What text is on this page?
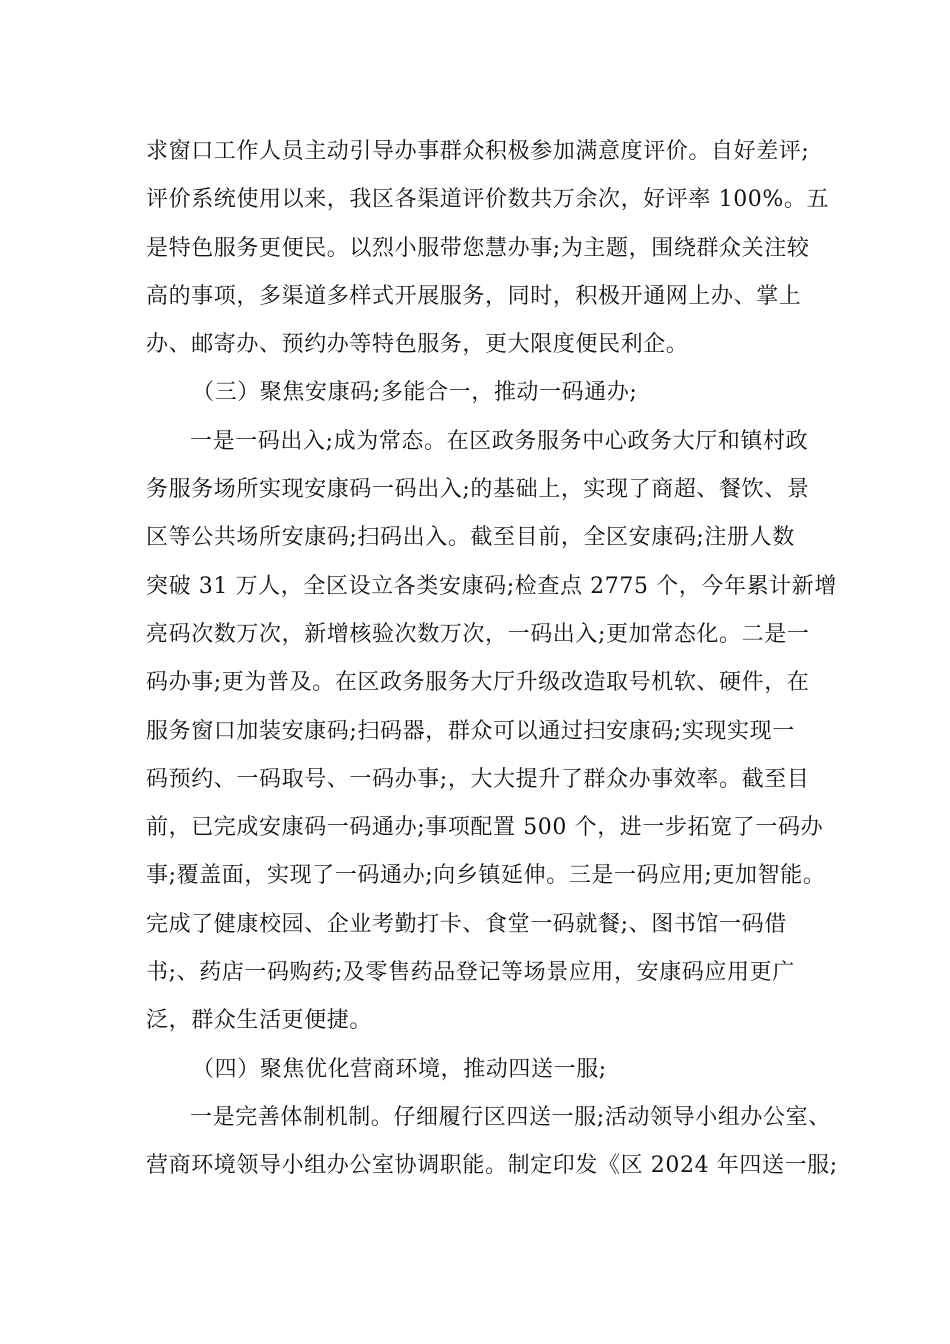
求窗口工作人员主动引导办事群众积极参加满意度评价。自好差评;
评价系统使用以来，我区各渠道评价数共万余次，好评率 100%。五
是特色服务更便民。以烈小服带您慧办事;为主题，围绕群众关注较
高的事项，多渠道多样式开展服务，同时，积极开通网上办、掌上
办、邮寄办、预约办等特色服务，更大限度便民利企。
（三）聚焦安康码;多能合一，推动一码通办;
一是一码出入;成为常态。在区政务服务中心政务大厅和镇村政
务服务场所实现安康码一码出入;的基础上，实现了商超、餐饮、景
区等公共场所安康码;扫码出入。截至目前，全区安康码;注册人数
突破 31 万人，全区设立各类安康码;检查点 2775 个，今年累计新增
亮码次数万次，新增核验次数万次，一码出入;更加常态化。二是一
码办事;更为普及。在区政务服务大厅升级改造取号机软、硬件，在
服务窗口加装安康码;扫码器，群众可以通过扫安康码;实现实现一
码预约、一码取号、一码办事;，大大提升了群众办事效率。截至目
前，已完成安康码一码通办;事项配置 500 个，进一步拓宽了一码办
事;覆盖面，实现了一码通办;向乡镇延伸。三是一码应用;更加智能。
完成了健康校园、企业考勤打卡、食堂一码就餐;、图书馆一码借
书;、药店一码购药;及零售药品登记等场景应用，安康码应用更广
泛，群众生活更便捷。
（四）聚焦优化营商环境，推动四送一服;
一是完善体制机制。仔细履行区四送一服;活动领导小组办公室、
营商环境领导小组办公室协调职能。制定印发《区 2024 年四送一服;
